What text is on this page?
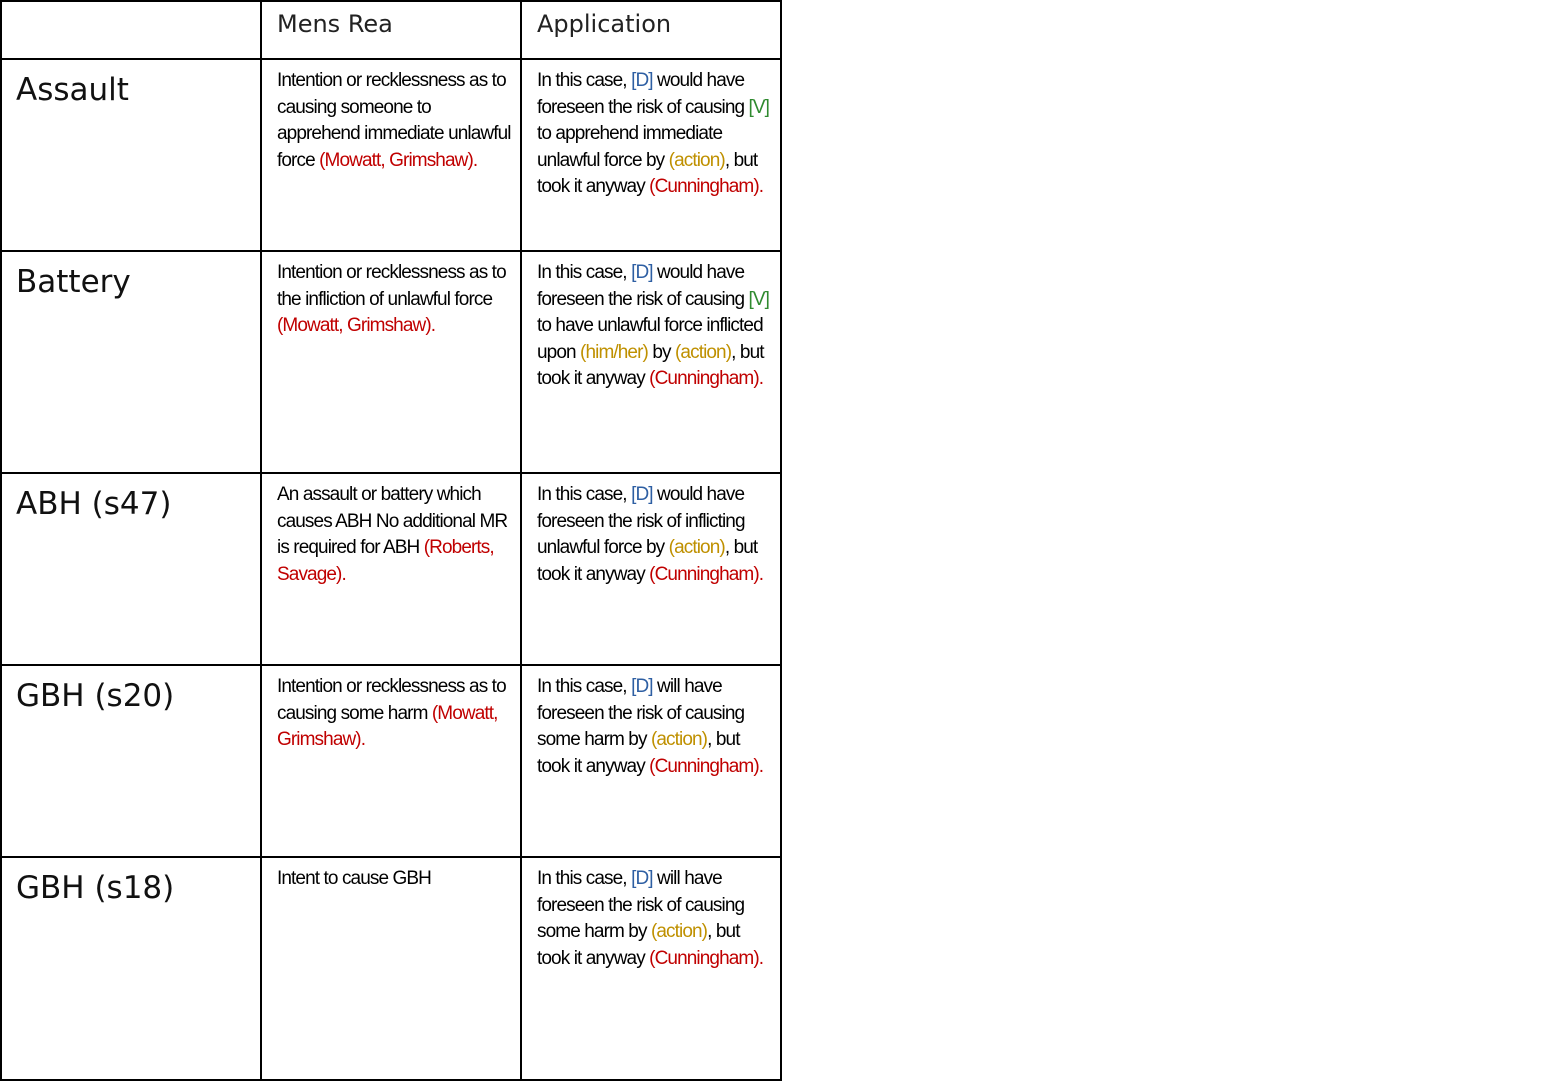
	Mens Rea	Application
Assault	Intention or recklessness as to causing someone to apprehend immediate unlawful force (Mowatt, Grimshaw).	In this case, [D] would have foreseen the risk of causing [V] to apprehend immediate unlawful force by (action), but took it anyway (Cunningham).
Battery	Intention or recklessness as to the infliction of unlawful force (Mowatt, Grimshaw).	In this case, [D] would have foreseen the risk of causing [V] to have unlawful force inflicted upon (him/her) by (action), but took it anyway (Cunningham).
ABH (s47)	An assault or battery which causes ABH No additional MR is required for ABH (Roberts, Savage).	In this case, [D] would have foreseen the risk of inflicting unlawful force by (action), but took it anyway (Cunningham).
GBH (s20)	Intention or recklessness as to causing some harm (Mowatt, Grimshaw).	In this case, [D] will have foreseen the risk of causing some harm by (action), but took it anyway (Cunningham).
GBH (s18)	Intent to cause GBH	In this case, [D] will have foreseen the risk of causing some harm by (action), but took it anyway (Cunningham).
